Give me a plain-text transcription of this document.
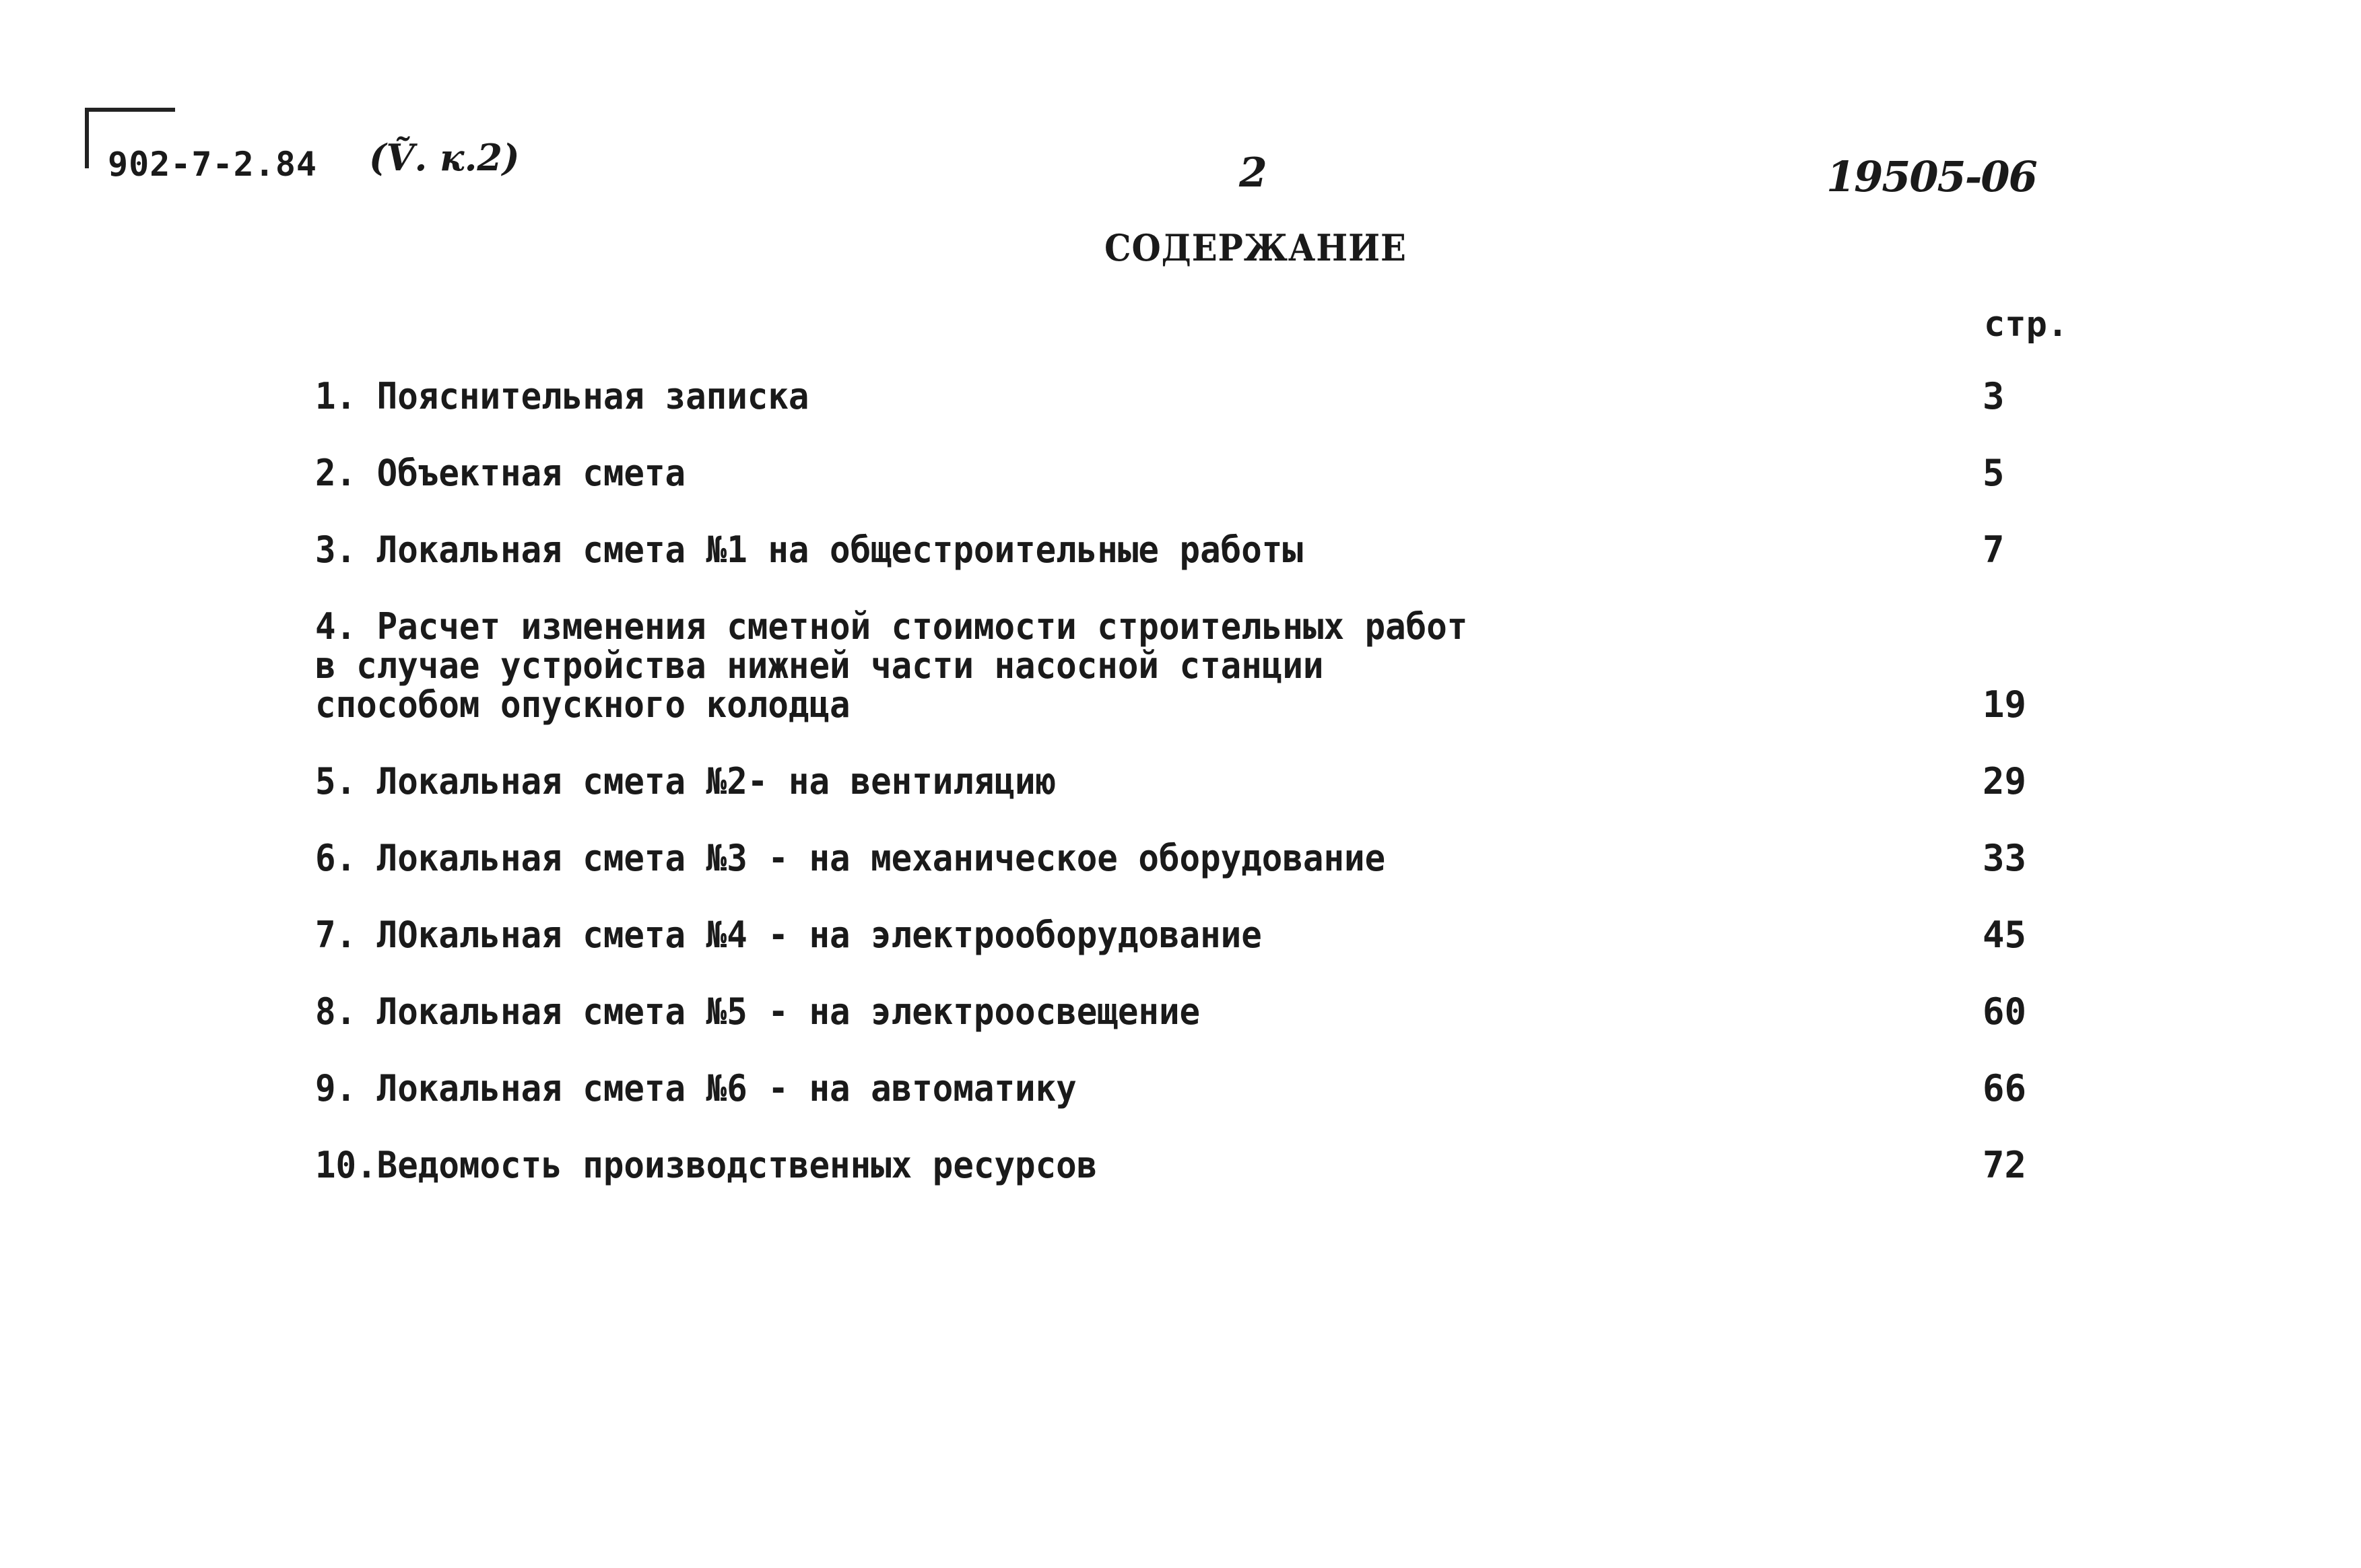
902-7-2.84 (Ṽ. к.2)	2	19505-06
СОДЕРЖАНИЕ
стр.
1. Пояснительная записка	3
2. Объектная смета	5
3. Локальная смета №1 на общестроительные работы	7
4. Расчет изменения сметной стоимости строительных работ
в случае устройства нижней части насосной станции
способом опускного колодца	19
5. Локальная смета №2- на вентиляцию	29
6. Локальная смета №3 - на механическое оборудование	33
7. ЛОкальная смета №4 - на электрооборудование	45
8. Локальная смета №5 - на электроосвещение	60
9. Локальная смета №6 - на автоматику	66
10.Ведомость производственных ресурсов	72
